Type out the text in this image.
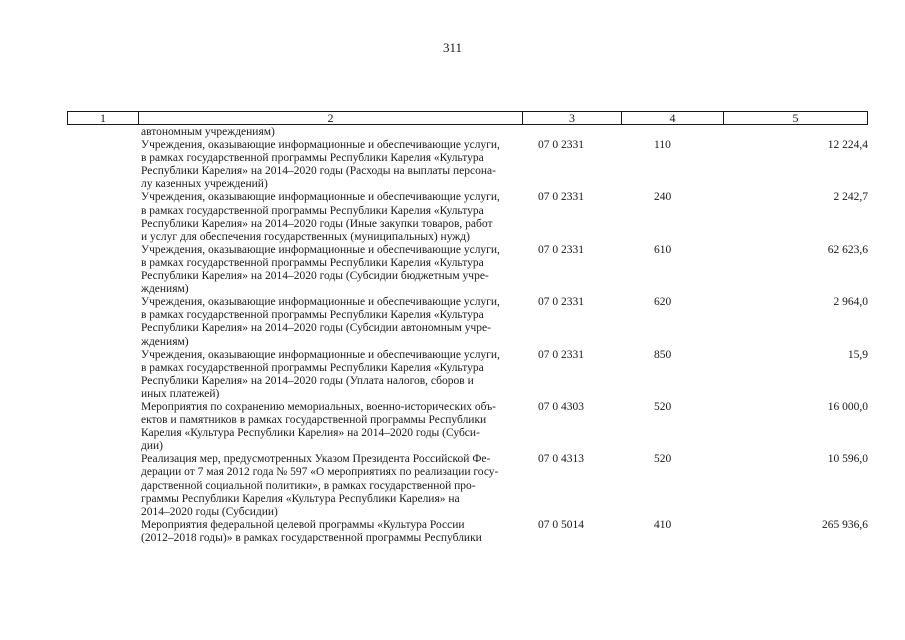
311
1	2	3	4	5
автономным учреждениям)
Учреждения, оказывающие информационные и обеспечивающие услуги,
в рамках государственной программы Республики Карелия «Культура
Республики Карелия» на 2014–2020 годы (Расходы на выплаты персона-
лу казенных учреждений)
07 0 2331	110	12 224,4
Учреждения, оказывающие информационные и обеспечивающие услуги,
в рамках государственной программы Республики Карелия «Культура
Республики Карелия» на 2014–2020 годы (Иные закупки товаров, работ
и услуг для обеспечения государственных (муниципальных) нужд)
07 0 2331	240	2 242,7
Учреждения, оказывающие информационные и обеспечивающие услуги,
в рамках государственной программы Республики Карелия «Культура
Республики Карелия» на 2014–2020 годы (Субсидии бюджетным учре-
ждениям)
07 0 2331	610	62 623,6
Учреждения, оказывающие информационные и обеспечивающие услуги,
в рамках государственной программы Республики Карелия «Культура
Республики Карелия» на 2014–2020 годы (Субсидии автономным учре-
ждениям)
07 0 2331	620	2 964,0
Учреждения, оказывающие информационные и обеспечивающие услуги,
в рамках государственной программы Республики Карелия «Культура
Республики Карелия» на 2014–2020 годы (Уплата налогов, сборов и
иных платежей)
07 0 2331	850	15,9
Мероприятия по сохранению мемориальных, военно-исторических объ-
ектов и памятников в рамках государственной программы Республики
Карелия «Культура Республики Карелия» на 2014–2020 годы (Субси-
дии)
07 0 4303	520	16 000,0
Реализация мер, предусмотренных Указом Президента Российской Фе-
дерации от 7 мая 2012 года № 597 «О мероприятиях по реализации госу-
дарственной социальной политики», в рамках государственной про-
граммы Республики Карелия «Культура Республики Карелия» на
2014–2020 годы (Субсидии)
07 0 4313	520	10 596,0
Мероприятия федеральной целевой программы «Культура России
(2012–2018 годы)» в рамках государственной программы Республики
07 0 5014	410	265 936,6
